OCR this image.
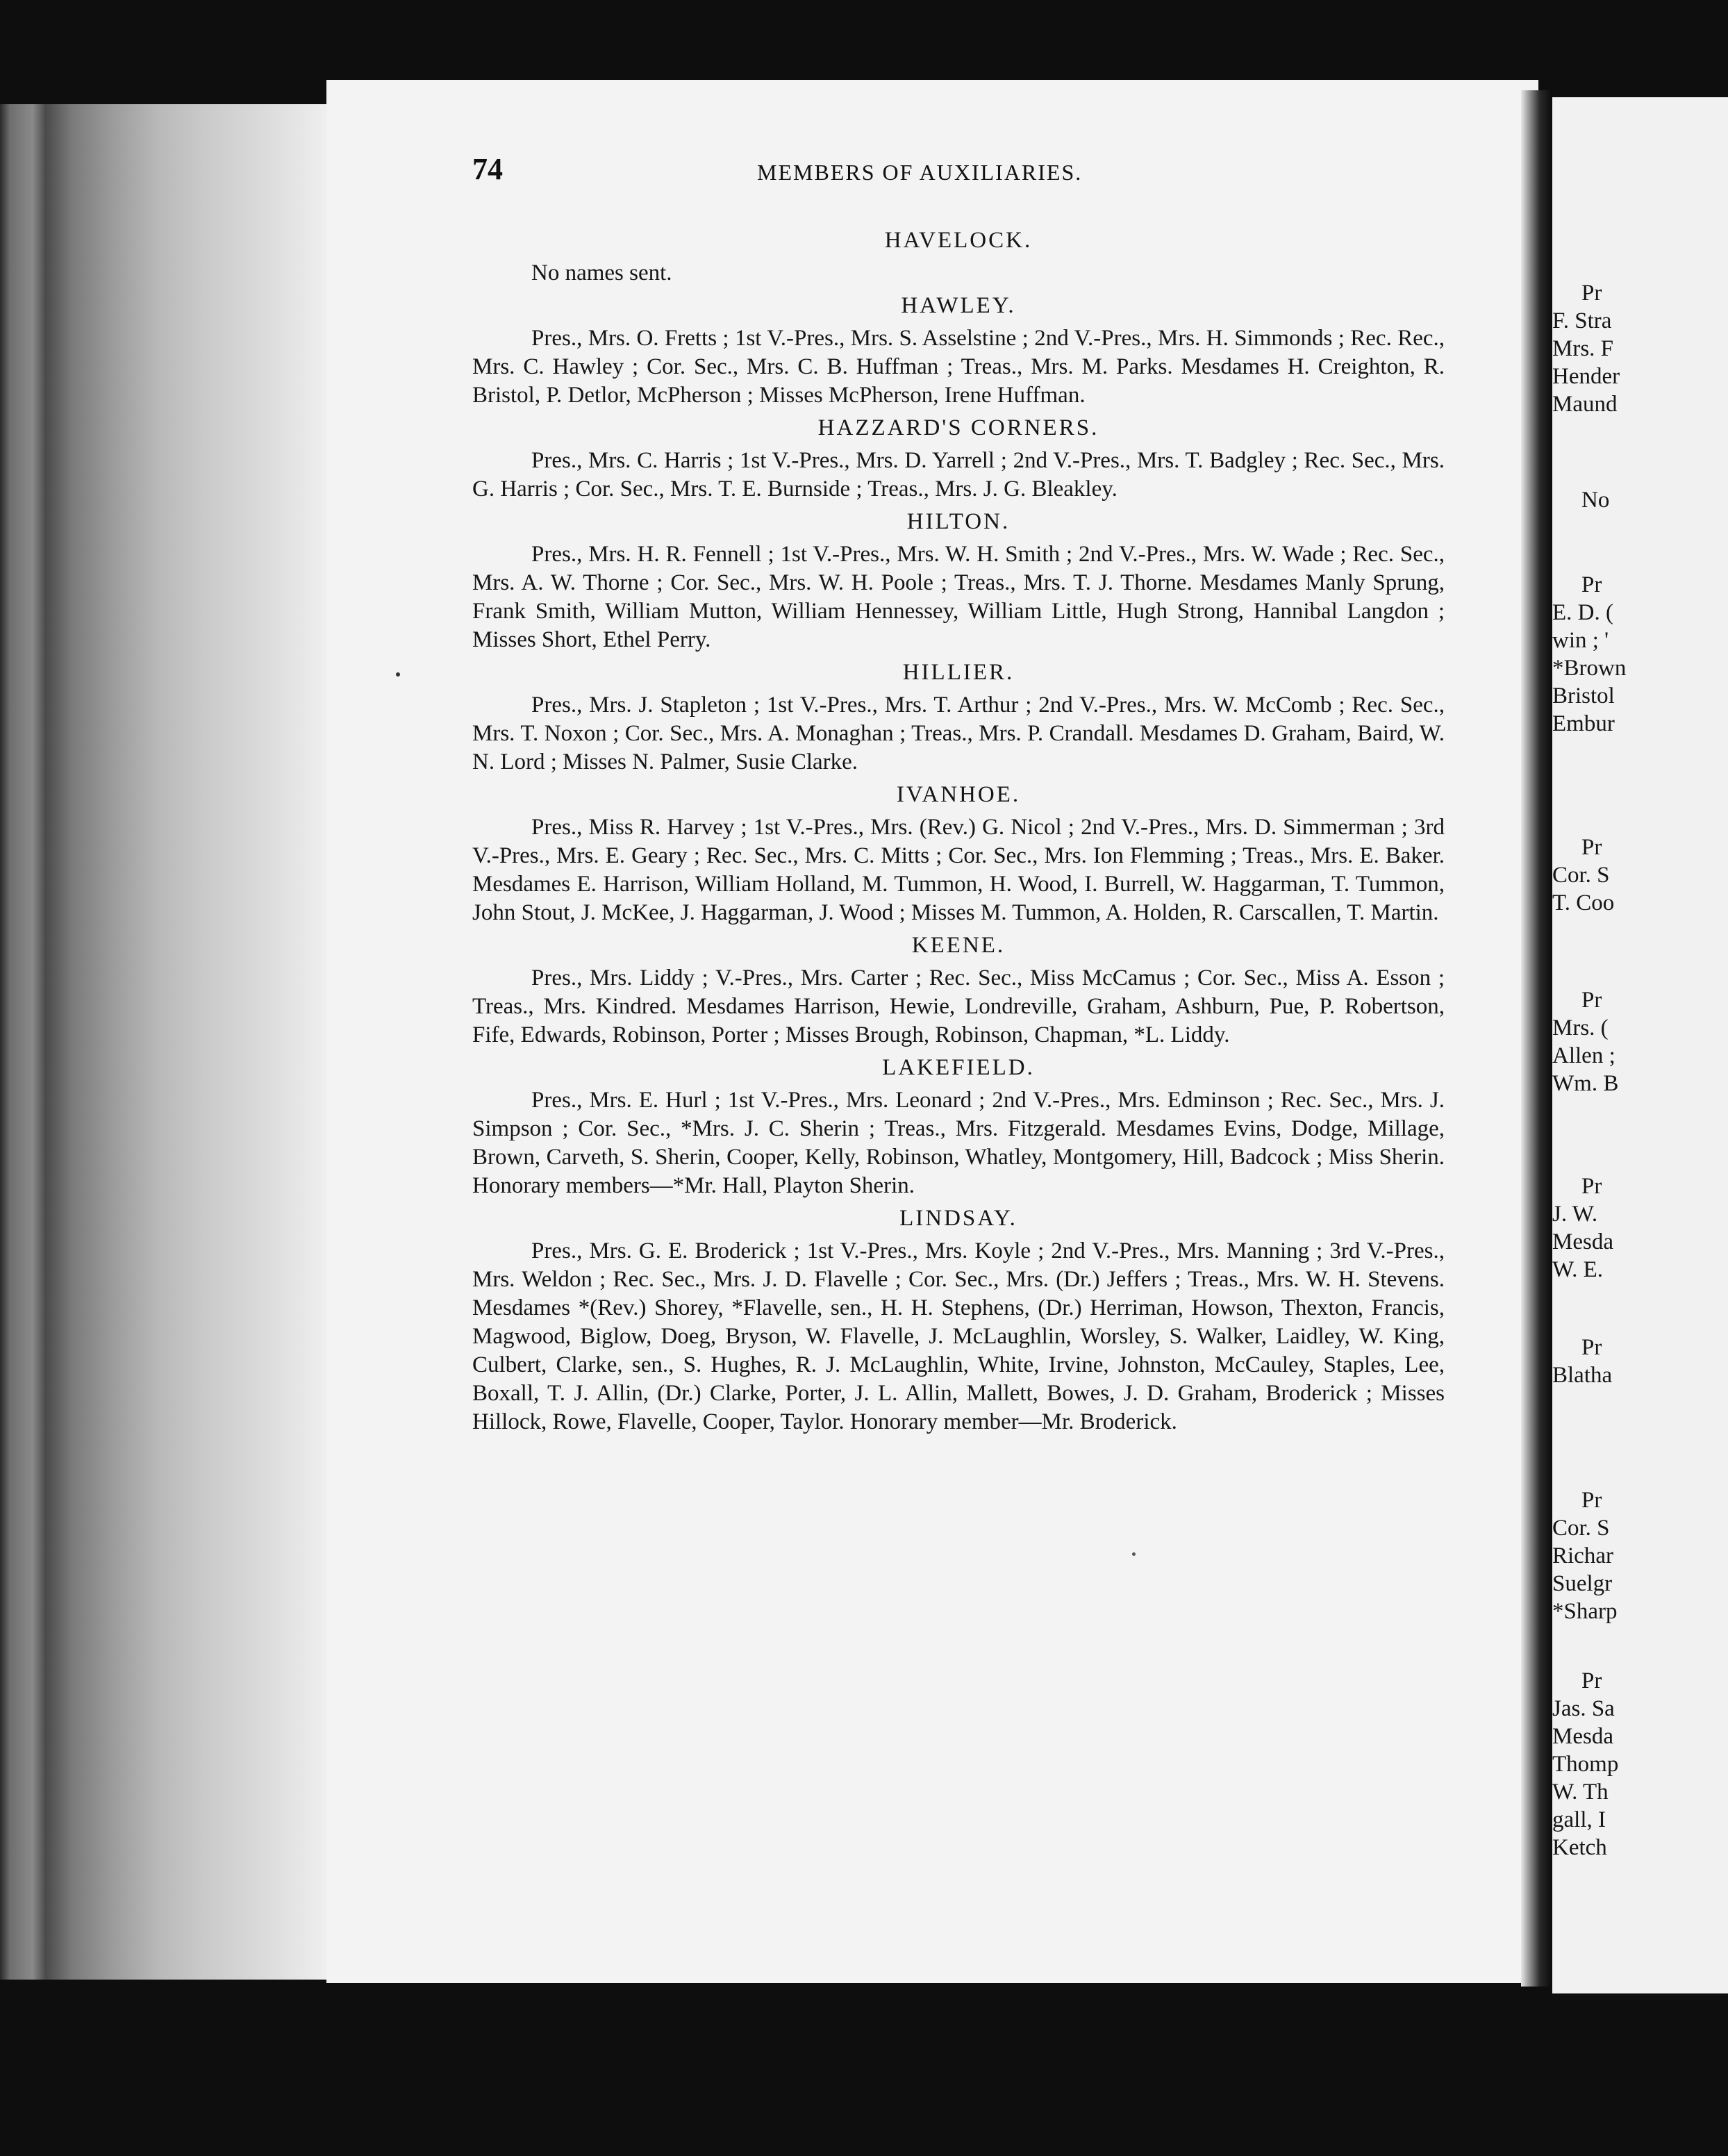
74	MEMBERS OF AUXILIARIES.
HAVELOCK.
No names sent.
HAWLEY.

Pres., Mrs. O. Fretts ; 1st V.-Pres., Mrs. S. Asselstine ; 2nd V.-Pres., Mrs. H. Simmonds ; Rec. Rec., Mrs. C. Hawley ; Cor. Sec., Mrs. C. B. Huffman ; Treas., Mrs. M. Parks. Mesdames H. Creighton, R. Bristol, P. Detlor, McPherson ; Misses McPherson, Irene Huffman.

HAZZARD'S CORNERS.

Pres., Mrs. C. Harris ; 1st V.-Pres., Mrs. D. Yarrell ; 2nd V.-Pres., Mrs. T. Badgley ; Rec. Sec., Mrs. G. Harris ; Cor. Sec., Mrs. T. E. Burnside ; Treas., Mrs. J. G. Bleakley.

HILTON.

Pres., Mrs. H. R. Fennell ; 1st V.-Pres., Mrs. W. H. Smith ; 2nd V.-Pres., Mrs. W. Wade ; Rec. Sec., Mrs. A. W. Thorne ; Cor. Sec., Mrs. W. H. Poole ; Treas., Mrs. T. J. Thorne. Mesdames Manly Sprung, Frank Smith, William Mutton, William Hennessey, William Little, Hugh Strong, Hannibal Langdon ; Misses Short, Ethel Perry.

HILLIER.

Pres., Mrs. J. Stapleton ; 1st V.-Pres., Mrs. T. Arthur ; 2nd V.-Pres., Mrs. W. McComb ; Rec. Sec., Mrs. T. Noxon ; Cor. Sec., Mrs. A. Monaghan ; Treas., Mrs. P. Crandall. Mesdames D. Graham, Baird, W. N. Lord ; Misses N. Palmer, Susie Clarke.

IVANHOE.

Pres., Miss R. Harvey ; 1st V.-Pres., Mrs. (Rev.) G. Nicol ; 2nd V.-Pres., Mrs. D. Simmerman ; 3rd V.-Pres., Mrs. E. Geary ; Rec. Sec., Mrs. C. Mitts ; Cor. Sec., Mrs. Ion Flemming ; Treas., Mrs. E. Baker. Mesdames E. Harrison, William Holland, M. Tummon, H. Wood, I. Burrell, W. Haggarman, T. Tummon, John Stout, J. McKee, J. Haggarman, J. Wood ; Misses M. Tummon, A. Holden, R. Carscallen, T. Martin.

KEENE.

Pres., Mrs. Liddy ; V.-Pres., Mrs. Carter ; Rec. Sec., Miss McCamus ; Cor. Sec., Miss A. Esson ; Treas., Mrs. Kindred. Mesdames Harrison, Hewie, Londreville, Graham, Ashburn, Pue, P. Robertson, Fife, Edwards, Robinson, Porter ; Misses Brough, Robinson, Chapman, *L. Liddy.

LAKEFIELD.

Pres., Mrs. E. Hurl ; 1st V.-Pres., Mrs. Leonard ; 2nd V.-Pres., Mrs. Edminson ; Rec. Sec., Mrs. J. Simpson ; Cor. Sec., *Mrs. J. C. Sherin ; Treas., Mrs. Fitzgerald. Mesdames Evins, Dodge, Millage, Brown, Carveth, S. Sherin, Cooper, Kelly, Robinson, Whatley, Montgomery, Hill, Badcock ; Miss Sherin. Honorary members—*Mr. Hall, Playton Sherin.

LINDSAY.

Pres., Mrs. G. E. Broderick ; 1st V.-Pres., Mrs. Koyle ; 2nd V.-Pres., Mrs. Manning ; 3rd V.-Pres., Mrs. Weldon ; Rec. Sec., Mrs. J. D. Flavelle ; Cor. Sec., Mrs. (Dr.) Jeffers ; Treas., Mrs. W. H. Stevens. Mesdames *(Rev.) Shorey, *Flavelle, sen., H. H. Stephens, (Dr.) Herriman, Howson, Thexton, Francis, Magwood, Biglow, Doeg, Bryson, W. Flavelle, J. McLaughlin, Worsley, S. Walker, Laidley, W. King, Culbert, Clarke, sen., S. Hughes, R. J. McLaughlin, White, Irvine, Johnston, McCauley, Staples, Lee, Boxall, T. J. Allin, (Dr.) Clarke, Porter, J. L. Allin, Mallett, Bowes, J. D. Graham, Broderick ; Misses Hillock, Rowe, Flavelle, Cooper, Taylor. Honorary member—Mr. Broderick.

Pr
F. Stra
Mrs. F
Hender
Maund
No
Pr
E. D. (
win ; '
*Brown
Bristol
Embur
Pr
Cor. S
T. Coo
Pr
Mrs. (
Allen ;
Wm. B
Pr
J. W.
Mesda
W. E.
Pr
Blatha
Pr
Cor. S
Richar
Suelgr
*Sharp
Pr
Jas. Sa
Mesda
Thomp
W. Th
gall, I
Ketch
